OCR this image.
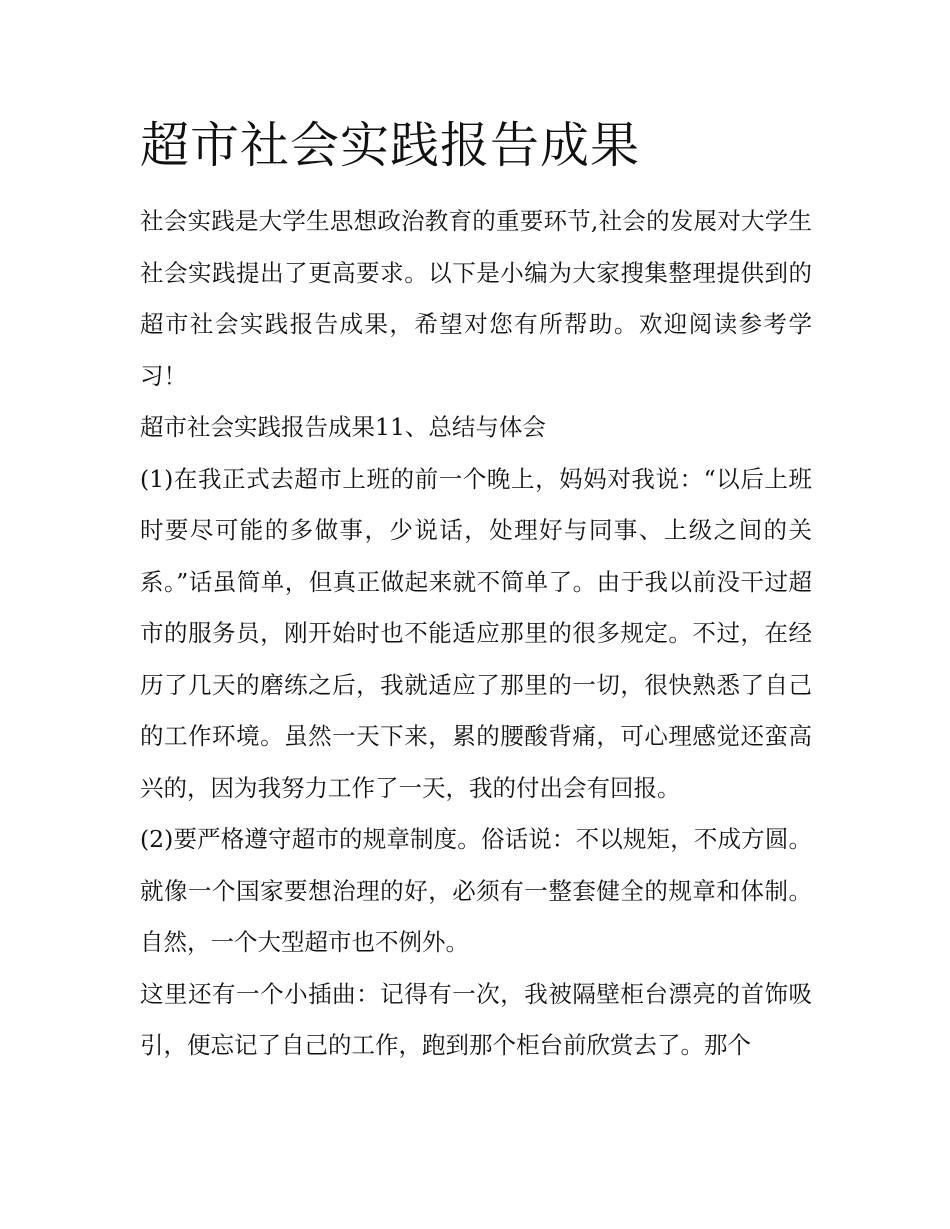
超市社会实践报告成果

社会实践是大学生思想政治教育的重要环节,社会的发展对大学生社会实践提出了更高要求。以下是小编为大家搜集整理提供到的超市社会实践报告成果，希望对您有所帮助。欢迎阅读参考学习！

超市社会实践报告成果11、总结与体会

(1)在我正式去超市上班的前一个晚上，妈妈对我说：“以后上班时要尽可能的多做事，少说话，处理好与同事、上级之间的关系。”话虽简单，但真正做起来就不简单了。由于我以前没干过超市的服务员，刚开始时也不能适应那里的很多规定。不过，在经历了几天的磨练之后，我就适应了那里的一切，很快熟悉了自己的工作环境。虽然一天下来，累的腰酸背痛，可心理感觉还蛮高兴的，因为我努力工作了一天，我的付出会有回报。

(2)要严格遵守超市的规章制度。俗话说：不以规矩，不成方圆。就像一个国家要想治理的好，必须有一整套健全的规章和体制。自然，一个大型超市也不例外。

这里还有一个小插曲：记得有一次，我被隔壁柜台漂亮的首饰吸引，便忘记了自己的工作，跑到那个柜台前欣赏去了。那个
